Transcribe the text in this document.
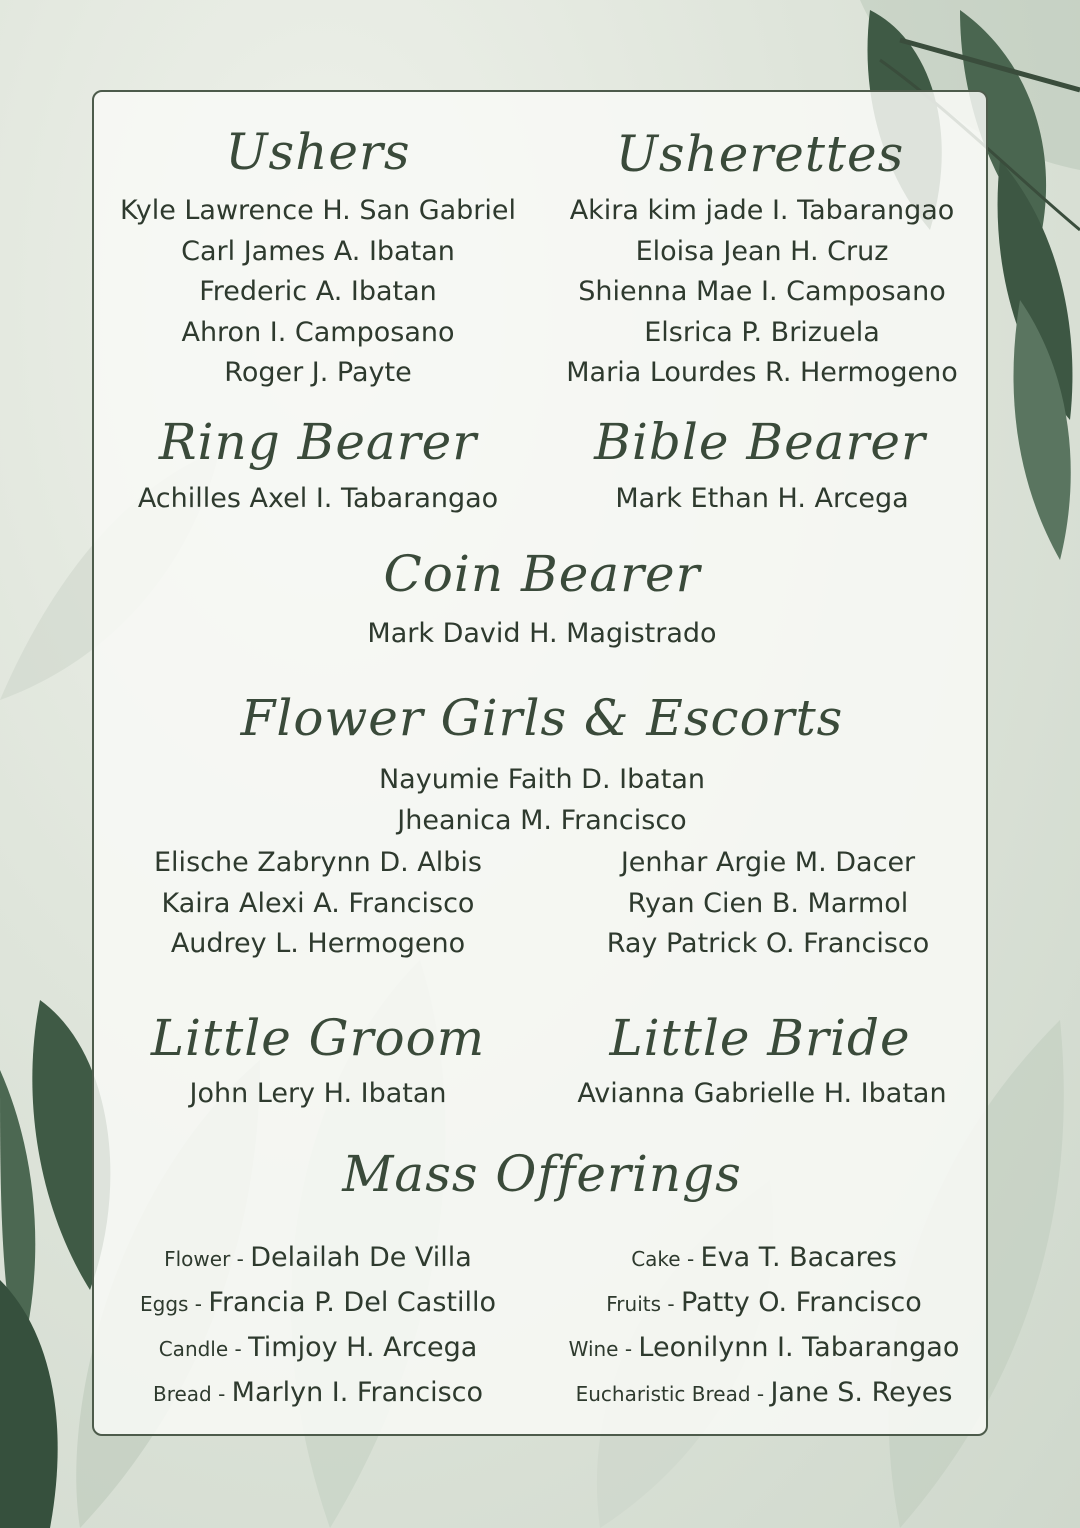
Ushers
Kyle Lawrence H. San Gabriel
Carl James A. Ibatan
Frederic A. Ibatan
Ahron I. Camposano
Roger J. Payte
Usherettes
Akira kim jade I. Tabarangao
Eloisa Jean H. Cruz
Shienna Mae I. Camposano
Elsrica P. Brizuela
Maria Lourdes R. Hermogeno
Ring Bearer
Achilles Axel I. Tabarangao
Bible Bearer
Mark Ethan H. Arcega
Coin Bearer
Mark David H. Magistrado
Flower Girls & Escorts
Nayumie Faith D. Ibatan
Jheanica M. Francisco
Elische Zabrynn D. Albis
Kaira Alexi A. Francisco
Audrey L. Hermogeno
Jenhar Argie M. Dacer
Ryan Cien B. Marmol
Ray Patrick O. Francisco
Little Groom
John Lery H. Ibatan
Little Bride
Avianna Gabrielle H. Ibatan
Mass Offerings
Flower - Delailah De Villa
Eggs - Francia P. Del Castillo
Candle - Timjoy H. Arcega
Bread - Marlyn I. Francisco
Cake - Eva T. Bacares
Fruits - Patty O. Francisco
Wine - Leonilynn I. Tabarangao
Eucharistic Bread - Jane S. Reyes
